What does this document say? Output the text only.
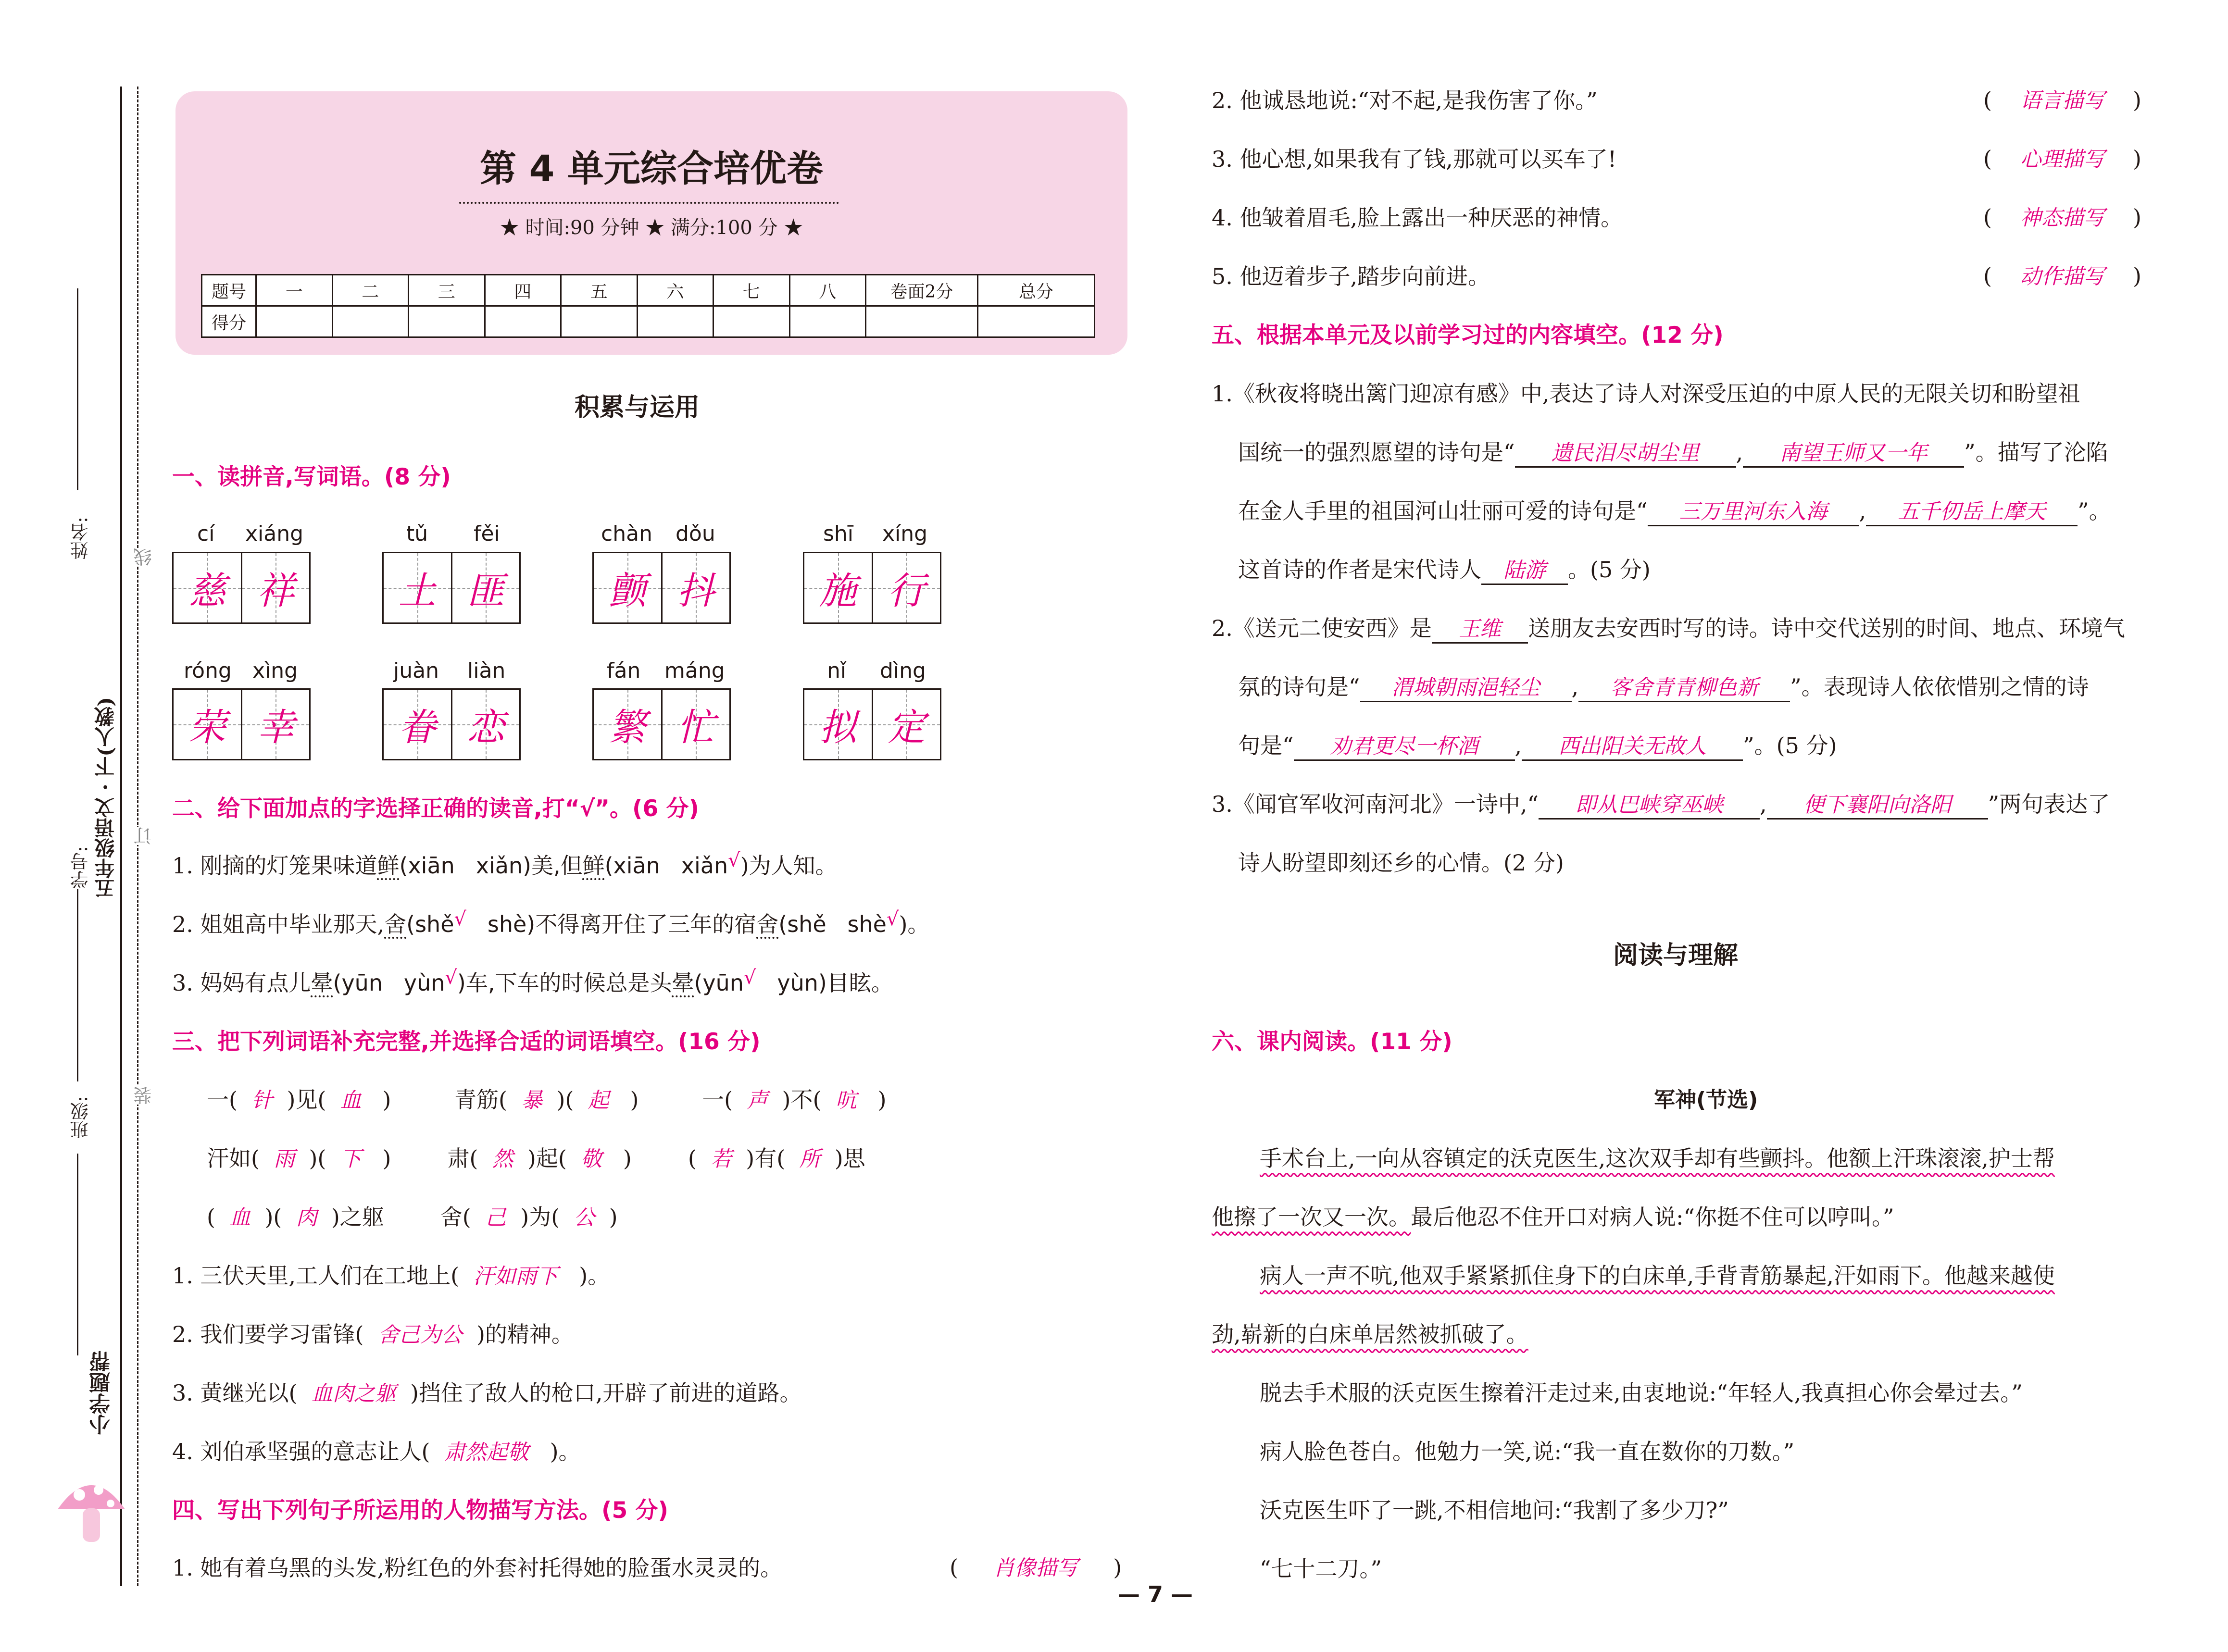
线
订
装
姓名:
五年级语文 · 下(人教)
学号:
班级:
小学题帮
第 4 单元综合培优卷
★ 时间:90 分钟 ★ 满分:100 分 ★
题号	一	二	三	四	五	六	七	八	卷面2分	总分
得分										
积累与运用
一、读拼音,写词语。(8 分)
cí xiáng
慈 祥
tǔ fěi
土 匪
chàn dǒu
颤 抖
shī xíng
施 行
róng xìng
荣 幸
juàn liàn
眷 恋
fán máng
繁 忙
nǐ dìng
拟 定
二、给下面加点的字选择正确的读音,打“√”。(6 分)
1. 刚摘的灯笼果味道鲜(xiān xiǎn)美,但鲜(xiān xiǎn√)为人知。
2. 姐姐高中毕业那天,舍(shě√ shè)不得离开住了三年的宿舍(shě shè√)。
3. 妈妈有点儿晕(yūn yùn√)车,下车的时候总是头晕(yūn√ yùn)目眩。
三、把下列词语补充完整,并选择合适的词语填空。(16 分)
一( 针 )见( 血 )	青筋( 暴 )( 起 )	一( 声 )不( 吭 )
汗如( 雨 )( 下 )	肃( 然 )起( 敬 )	( 若 )有( 所 )思
( 血 )( 肉 )之躯	舍( 己 )为( 公 )
1. 三伏天里,工人们在工地上( 汗如雨下 )。
2. 我们要学习雷锋( 舍己为公 )的精神。
3. 黄继光以( 血肉之躯 )挡住了敌人的枪口,开辟了前进的道路。
4. 刘伯承坚强的意志让人( 肃然起敬 )。
四、写出下列句子所运用的人物描写方法。(5 分)
1. 她有着乌黑的头发,粉红色的外套衬托得她的脸蛋水灵灵的。	( 肖像描写 )
— 7 —
2. 他诚恳地说:“对不起,是我伤害了你。”	( 语言描写 )
3. 他心想,如果我有了钱,那就可以买车了!	( 心理描写 )
4. 他皱着眉毛,脸上露出一种厌恶的神情。	( 神态描写 )
5. 他迈着步子,踏步向前进。	( 动作描写 )
五、根据本单元及以前学习过的内容填空。(12 分)
1.《秋夜将晓出篱门迎凉有感》中,表达了诗人对深受压迫的中原人民的无限关切和盼望祖
国统一的强烈愿望的诗句是“ 遗民泪尽胡尘里 , 南望王师又一年 ”。描写了沦陷
在金人手里的祖国河山壮丽可爱的诗句是“ 三万里河东入海 , 五千仞岳上摩天 ”。
这首诗的作者是宋代诗人 陆游 。(5 分)
2.《送元二使安西》是 王维 送朋友去安西时写的诗。诗中交代送别的时间、地点、环境气
氛的诗句是“ 渭城朝雨浥轻尘 , 客舍青青柳色新 ”。表现诗人依依惜别之情的诗
句是“ 劝君更尽一杯酒 , 西出阳关无故人 ”。(5 分)
3.《闻官军收河南河北》一诗中,“ 即从巴峡穿巫峡 , 便下襄阳向洛阳 ”两句表达了
诗人盼望即刻还乡的心情。(2 分)
阅读与理解
六、课内阅读。(11 分)
军神(节选)
手术台上,一向从容镇定的沃克医生,这次双手却有些颤抖。他额上汗珠滚滚,护士帮
他擦了一次又一次。最后他忍不住开口对病人说:“你挺不住可以哼叫。”
病人一声不吭,他双手紧紧抓住身下的白床单,手背青筋暴起,汗如雨下。他越来越使
劲,崭新的白床单居然被抓破了。
脱去手术服的沃克医生擦着汗走过来,由衷地说:“年轻人,我真担心你会晕过去。”
病人脸色苍白。他勉力一笑,说:“我一直在数你的刀数。”
沃克医生吓了一跳,不相信地问:“我割了多少刀?”
“七十二刀。”
